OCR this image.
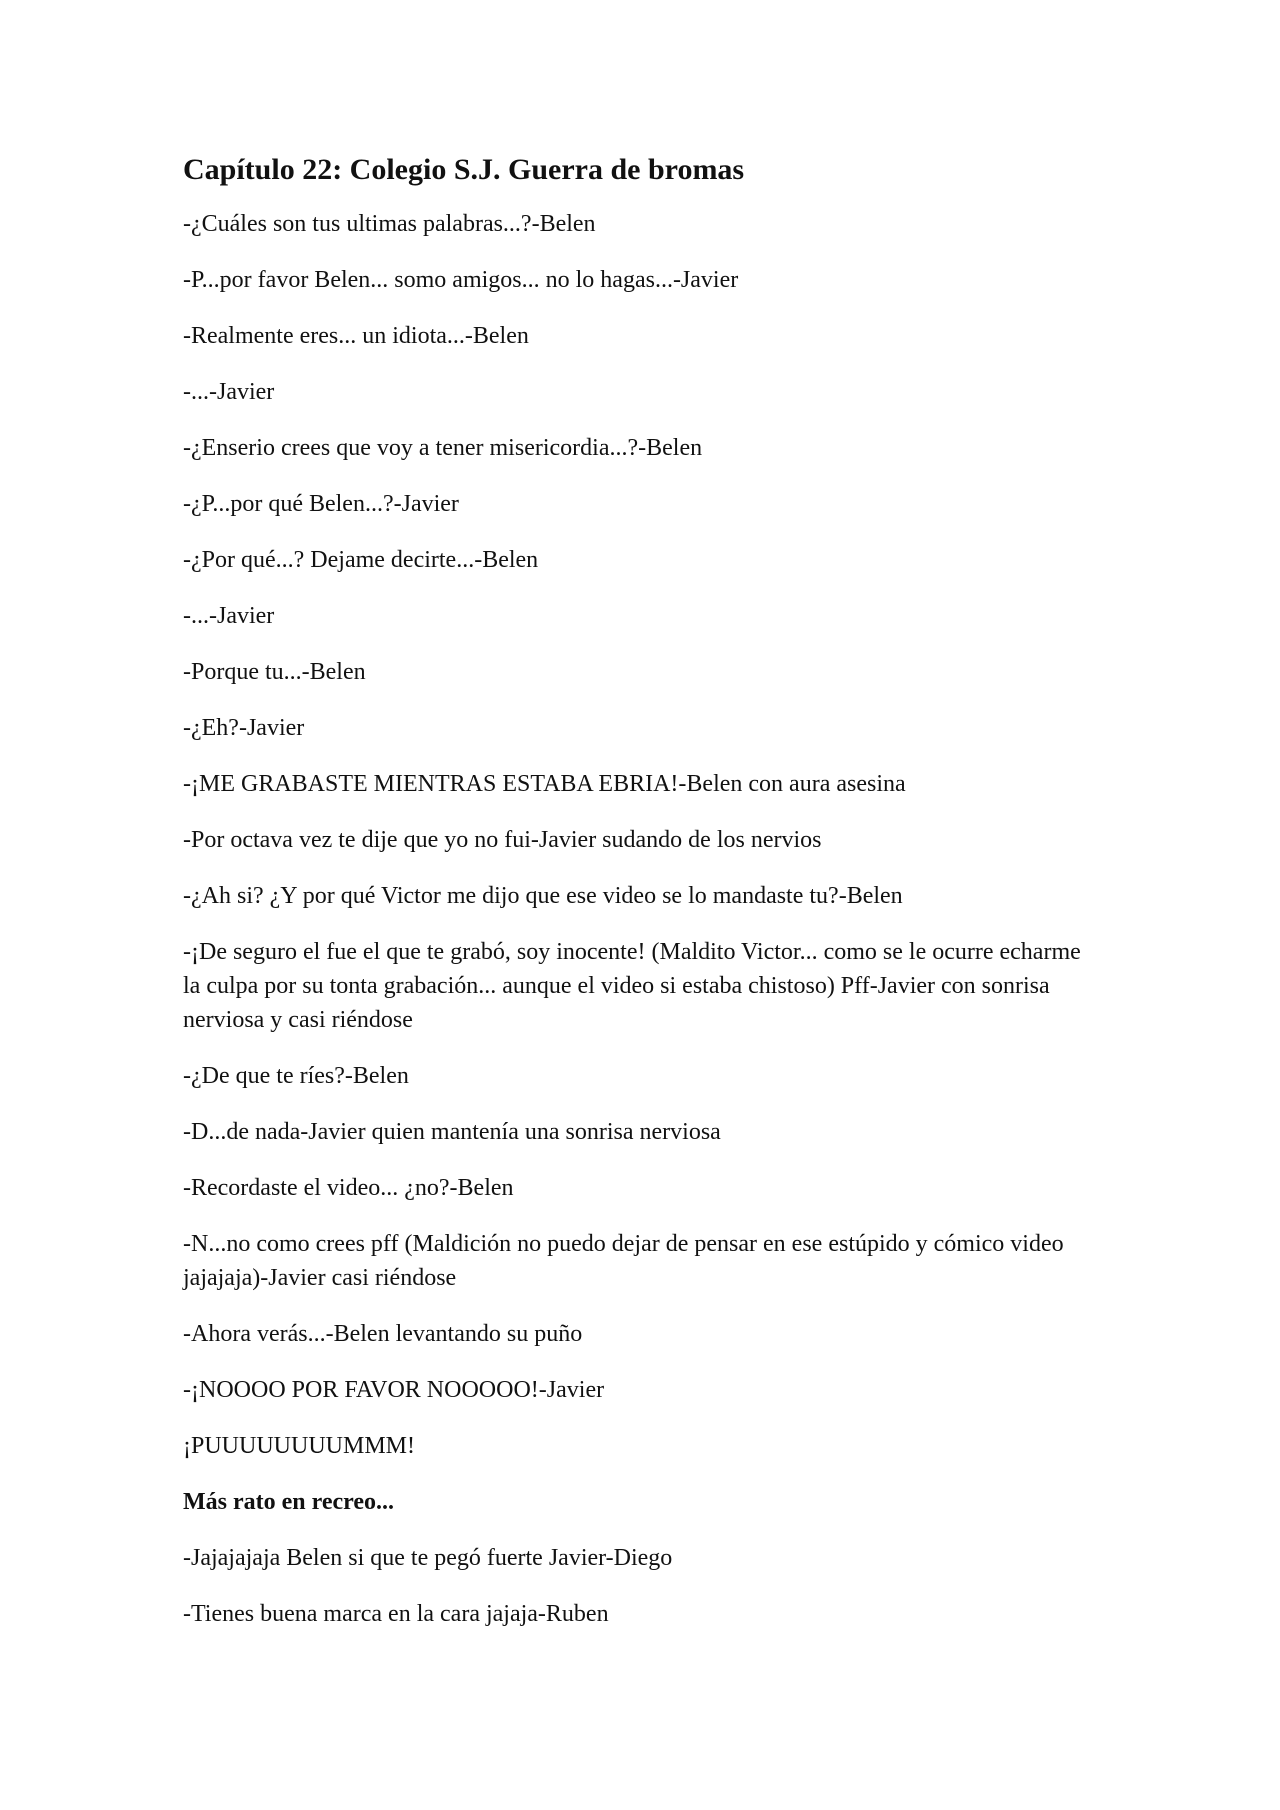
Capítulo 22: Colegio S.J. Guerra de bromas

-¿Cuáles son tus ultimas palabras...?-Belen

-P...por favor Belen... somo amigos... no lo hagas...-Javier

-Realmente eres... un idiota...-Belen

-...-Javier

-¿Enserio crees que voy a tener misericordia...?-Belen

-¿P...por qué Belen...?-Javier

-¿Por qué...? Dejame decirte...-Belen

-...-Javier

-Porque tu...-Belen

-¿Eh?-Javier

-¡ME GRABASTE MIENTRAS ESTABA EBRIA!-Belen con aura asesina

-Por octava vez te dije que yo no fui-Javier sudando de los nervios

-¿Ah si? ¿Y por qué Victor me dijo que ese video se lo mandaste tu?-Belen

-¡De seguro el fue el que te grabó, soy inocente! (Maldito Victor... como se le ocurre echarme la culpa por su tonta grabación... aunque el video si estaba chistoso) Pff-Javier con sonrisa nerviosa y casi riéndose

-¿De que te ríes?-Belen

-D...de nada-Javier quien mantenía una sonrisa nerviosa

-Recordaste el video... ¿no?-Belen

-N...no como crees pff (Maldición no puedo dejar de pensar en ese estúpido y cómico video jajajaja)-Javier casi riéndose

-Ahora verás...-Belen levantando su puño

-¡NOOOO POR FAVOR NOOOOO!-Javier

¡PUUUUUUUUMMM!

Más rato en recreo...

-Jajajajaja Belen si que te pegó fuerte Javier-Diego

-Tienes buena marca en la cara jajaja-Ruben
